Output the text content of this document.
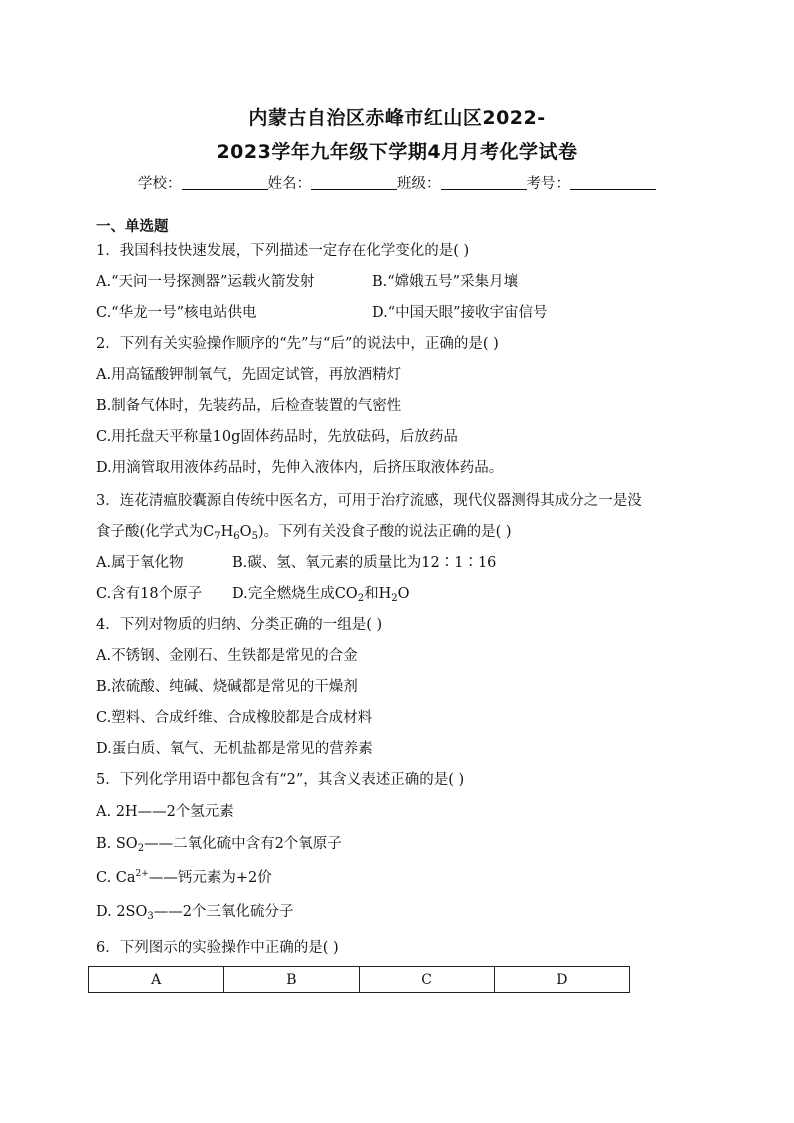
内蒙古自治区赤峰市红山区2022-
2023学年九年级下学期4月月考化学试卷
学校：	姓名：	班级：	考号：
一、单选题
1．我国科技快速发展，下列描述一定存在化学变化的是( )
A.“天问一号探测器”运载火箭发射	B.“嫦娥五号”采集月壤
C.“华龙一号”核电站供电	D.“中国天眼”接收宇宙信号
2．下列有关实验操作顺序的“先”与“后”的说法中，正确的是( )
A.用高锰酸钾制氧气，先固定试管，再放酒精灯
B.制备气体时，先装药品，后检查装置的气密性
C.用托盘天平称量10g固体药品时，先放砝码，后放药品
D.用滴管取用液体药品时，先伸入液体内，后挤压取液体药品。
3．连花清瘟胶囊源自传统中医名方，可用于治疗流感，现代仪器测得其成分之一是没
食子酸(化学式为$C_7H_6O_5$)。下列有关没食子酸的说法正确的是( )
A.属于氧化物	B.碳、氢、氧元素的质量比为12∶1∶16
C.含有18个原子 D.完全燃烧生成$CO_2$和$H_2O$
4．下列对物质的归纳、分类正确的一组是( )
A.不锈钢、金刚石、生铁都是常见的合金
B.浓硫酸、纯碱、烧碱都是常见的干燥剂
C.塑料、合成纤维、合成橡胶都是合成材料
D.蛋白质、氧气、无机盐都是常见的营养素
5．下列化学用语中都包含有“2”，其含义表述正确的是( )
A. 2H——2个氢元素
B. $SO_2——$二氧化硫中含有2个氧原子
C. $Ca^{2+}——$钙元素为+2价
D. $2SO_3——2$个三氧化硫分子
6．下列图示的实验操作中正确的是( )
A	B	C	D
